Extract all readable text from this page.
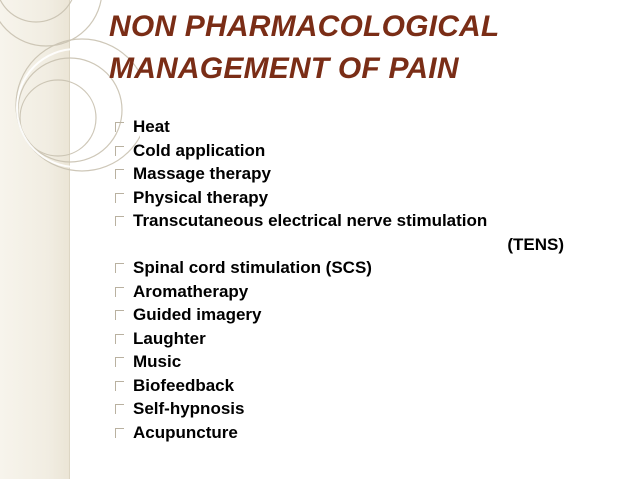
NON PHARMACOLOGICAL MANAGEMENT OF PAIN
Heat
Cold application
Massage therapy
Physical therapy
Transcutaneous electrical nerve stimulation
(TENS)
Spinal cord stimulation (SCS)
Aromatherapy
Guided imagery
Laughter
Music
Biofeedback
Self-hypnosis
Acupuncture
